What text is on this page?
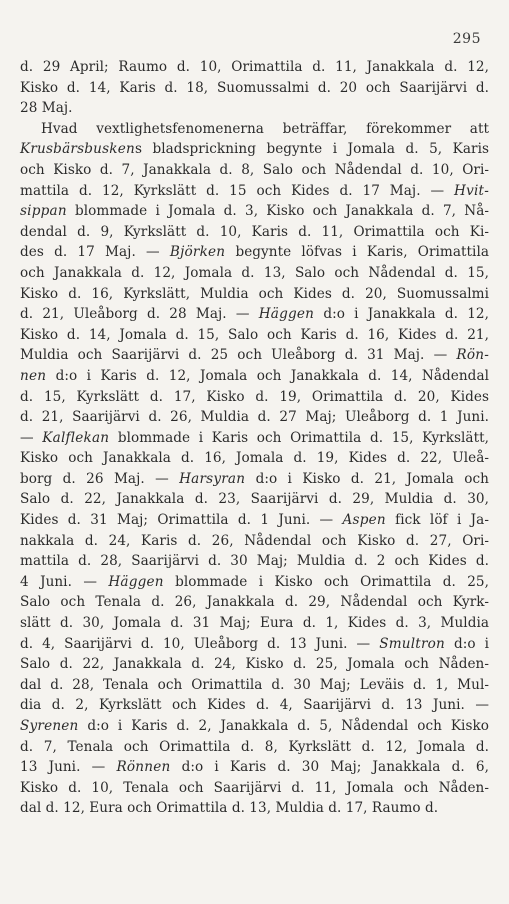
295
d. 29 April; Raumo d. 10, Orimattila d. 11, Janakkala d. 12,
Kisko d. 14, Karis d. 18, Suomussalmi d. 20 och Saarijärvi d.
28 Maj.
Hvad vextlighetsfenomenerna beträffar, förekommer att
Krusbärsbuskens bladsprickning begynte i Jomala d. 5, Karis
och Kisko d. 7, Janakkala d. 8, Salo och Nådendal d. 10, Ori-
mattila d. 12, Kyrkslätt d. 15 och Kides d. 17 Maj. — Hvit-
sippan blommade i Jomala d. 3, Kisko och Janakkala d. 7, Nå-
dendal d. 9, Kyrkslätt d. 10, Karis d. 11, Orimattila och Ki-
des d. 17 Maj. — Björken begynte löfvas i Karis, Orimattila
och Janakkala d. 12, Jomala d. 13, Salo och Nådendal d. 15,
Kisko d. 16, Kyrkslätt, Muldia och Kides d. 20, Suomussalmi
d. 21, Uleåborg d. 28 Maj. — Häggen d:o i Janakkala d. 12,
Kisko d. 14, Jomala d. 15, Salo och Karis d. 16, Kides d. 21,
Muldia och Saarijärvi d. 25 och Uleåborg d. 31 Maj. — Rön-
nen d:o i Karis d. 12, Jomala och Janakkala d. 14, Nådendal
d. 15, Kyrkslätt d. 17, Kisko d. 19, Orimattila d. 20, Kides
d. 21, Saarijärvi d. 26, Muldia d. 27 Maj; Uleåborg d. 1 Juni.
— Kalflekan blommade i Karis och Orimattila d. 15, Kyrkslätt,
Kisko och Janakkala d. 16, Jomala d. 19, Kides d. 22, Uleå-
borg d. 26 Maj. — Harsyran d:o i Kisko d. 21, Jomala och
Salo d. 22, Janakkala d. 23, Saarijärvi d. 29, Muldia d. 30,
Kides d. 31 Maj; Orimattila d. 1 Juni. — Aspen fick löf i Ja-
nakkala d. 24, Karis d. 26, Nådendal och Kisko d. 27, Ori-
mattila d. 28, Saarijärvi d. 30 Maj; Muldia d. 2 och Kides d.
4 Juni. — Häggen blommade i Kisko och Orimattila d. 25,
Salo och Tenala d. 26, Janakkala d. 29, Nådendal och Kyrk-
slätt d. 30, Jomala d. 31 Maj; Eura d. 1, Kides d. 3, Muldia
d. 4, Saarijärvi d. 10, Uleåborg d. 13 Juni. — Smultron d:o i
Salo d. 22, Janakkala d. 24, Kisko d. 25, Jomala och Nåden-
dal d. 28, Tenala och Orimattila d. 30 Maj; Leväis d. 1, Mul-
dia d. 2, Kyrkslätt och Kides d. 4, Saarijärvi d. 13 Juni. —
Syrenen d:o i Karis d. 2, Janakkala d. 5, Nådendal och Kisko
d. 7, Tenala och Orimattila d. 8, Kyrkslätt d. 12, Jomala d.
13 Juni. — Rönnen d:o i Karis d. 30 Maj; Janakkala d. 6,
Kisko d. 10, Tenala och Saarijärvi d. 11, Jomala och Nåden-
dal d. 12, Eura och Orimattila d. 13, Muldia d. 17, Raumo d.
